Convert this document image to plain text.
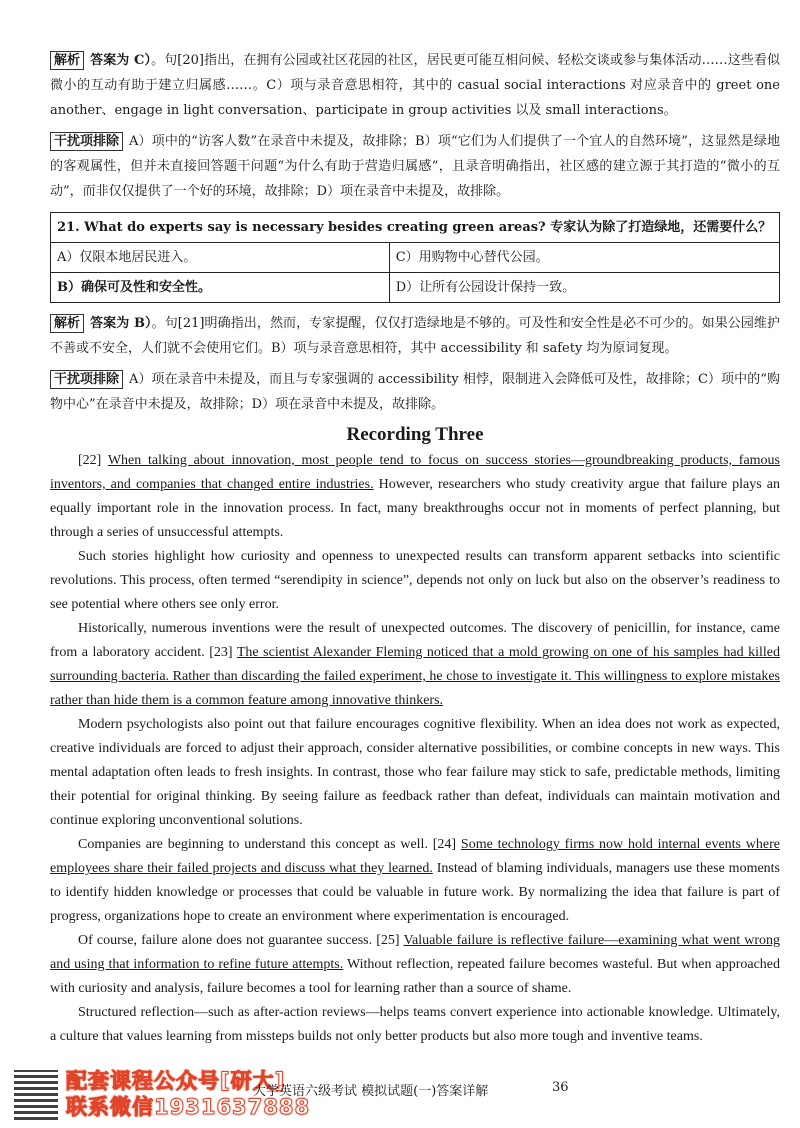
解析 答案为 C）。句[20]指出，在拥有公园或社区花园的社区，居民更可能互相问候、轻松交谈或参与集体活动……这些看似微小的互动有助于建立归属感……。C）项与录音意思相符，其中的 casual social interactions 对应录音中的 greet one another、engage in light conversation、participate in group activities 以及 small interactions。

干扰项排除 A）项中的“访客人数”在录音中未提及，故排除；B）项“它们为人们提供了一个宜人的自然环境”，这显然是绿地的客观属性，但并未直接回答题干问题“为什么有助于营造归属感”，且录音明确指出，社区感的建立源于其打造的“微小的互动”，而非仅仅提供了一个好的环境，故排除；D）项在录音中未提及，故排除。

21. What do experts say is necessary besides creating green areas? 专家认为除了打造绿地，还需要什么？	
A）仅限本地居民进入。	C）用购物中心替代公园。
B）确保可及性和安全性。	D）让所有公园设计保持一致。

解析 答案为 B）。句[21]明确指出，然而，专家提醒，仅仅打造绿地是不够的。可及性和安全性是必不可少的。如果公园维护不善或不安全，人们就不会使用它们。B）项与录音意思相符，其中 accessibility 和 safety 均为原词复现。

干扰项排除 A）项在录音中未提及，而且与专家强调的 accessibility 相悖，限制进入会降低可及性，故排除；C）项中的“购物中心”在录音中未提及，故排除；D）项在录音中未提及，故排除。

Recording Three

[22] When talking about innovation, most people tend to focus on success stories—groundbreaking products, famous inventors, and companies that changed entire industries. However, researchers who study creativity argue that failure plays an equally important role in the innovation process. In fact, many breakthroughs occur not in moments of perfect planning, but through a series of unsuccessful attempts.

Such stories highlight how curiosity and openness to unexpected results can transform apparent setbacks into scientific revolutions. This process, often termed “serendipity in science”, depends not only on luck but also on the observer’s readiness to see potential where others see only error.

Historically, numerous inventions were the result of unexpected outcomes. The discovery of penicillin, for instance, came from a laboratory accident. [23] The scientist Alexander Fleming noticed that a mold growing on one of his samples had killed surrounding bacteria. Rather than discarding the failed experiment, he chose to investigate it. This willingness to explore mistakes rather than hide them is a common feature among innovative thinkers.

Modern psychologists also point out that failure encourages cognitive flexibility. When an idea does not work as expected, creative individuals are forced to adjust their approach, consider alternative possibilities, or combine concepts in new ways. This mental adaptation often leads to fresh insights. In contrast, those who fear failure may stick to safe, predictable methods, limiting their potential for original thinking. By seeing failure as feedback rather than defeat, individuals can maintain motivation and continue exploring unconventional solutions.

Companies are beginning to understand this concept as well. [24] Some technology firms now hold internal events where employees share their failed projects and discuss what they learned. Instead of blaming individuals, managers use these moments to identify hidden knowledge or processes that could be valuable in future work. By normalizing the idea that failure is part of progress, organizations hope to create an environment where experimentation is encouraged.

Of course, failure alone does not guarantee success. [25] Valuable failure is reflective failure—examining what went wrong and using that information to refine future attempts. Without reflection, repeated failure becomes wasteful. But when approached with curiosity and analysis, failure becomes a tool for learning rather than a source of shame.

Structured reflection—such as after-action reviews—helps teams convert experience into actionable knowledge. Ultimately, a culture that values learning from missteps builds not only better products but also more tough and inventive teams.

配套课程公众号[研大]
联系微信1931637888
大学英语六级考试 模拟试题(一)答案详解	36
